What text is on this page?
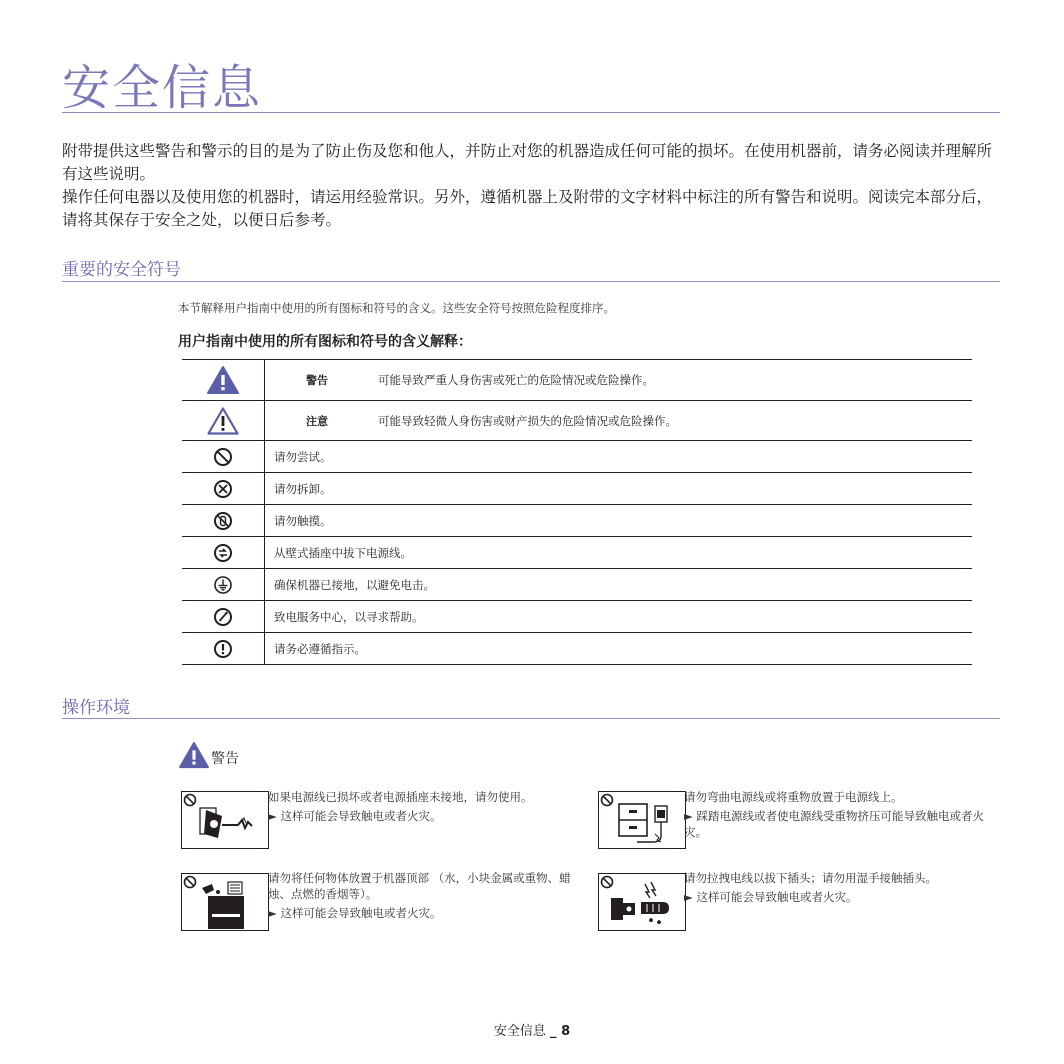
安全信息
附带提供这些警告和警示的目的是为了防止伤及您和他人，并防止对您的机器造成任何可能的损坏。在使用机器前，请务必阅读并理解所有这些说明。
操作任何电器以及使用您的机器时，请运用经验常识。另外，遵循机器上及附带的文字材料中标注的所有警告和说明。阅读完本部分后，请将其保存于安全之处，以便日后参考。
重要的安全符号
本节解释用户指南中使用的所有图标和符号的含义。这些安全符号按照危险程度排序。
用户指南中使用的所有图标和符号的含义解释：
	警告 可能导致严重人身伤害或死亡的危险情况或危险操作。

	注意 可能导致轻微人身伤害或财产损失的危险情况或危险操作。

	请勿尝试。

	请勿拆卸。

	请勿触摸。

	从壁式插座中拔下电源线。

	确保机器已接地，以避免电击。

	致电服务中心，以寻求帮助。

	请务必遵循指示。
操作环境
警告

如果电源线已损坏或者电源插座未接地，请勿使用。

► 这样可能会导致触电或者火灾。

请勿弯曲电源线或将重物放置于电源线上。

► 踩踏电源线或者使电源线受重物挤压可能导致触电或者火灾。

请勿将任何物体放置于机器顶部 （水，小块金属或重物、蜡烛、点燃的香烟等）。

► 这样可能会导致触电或者火灾。

请勿拉拽电线以拔下插头；请勿用湿手接触插头。

► 这样可能会导致触电或者火灾。

安全信息 _ 8
